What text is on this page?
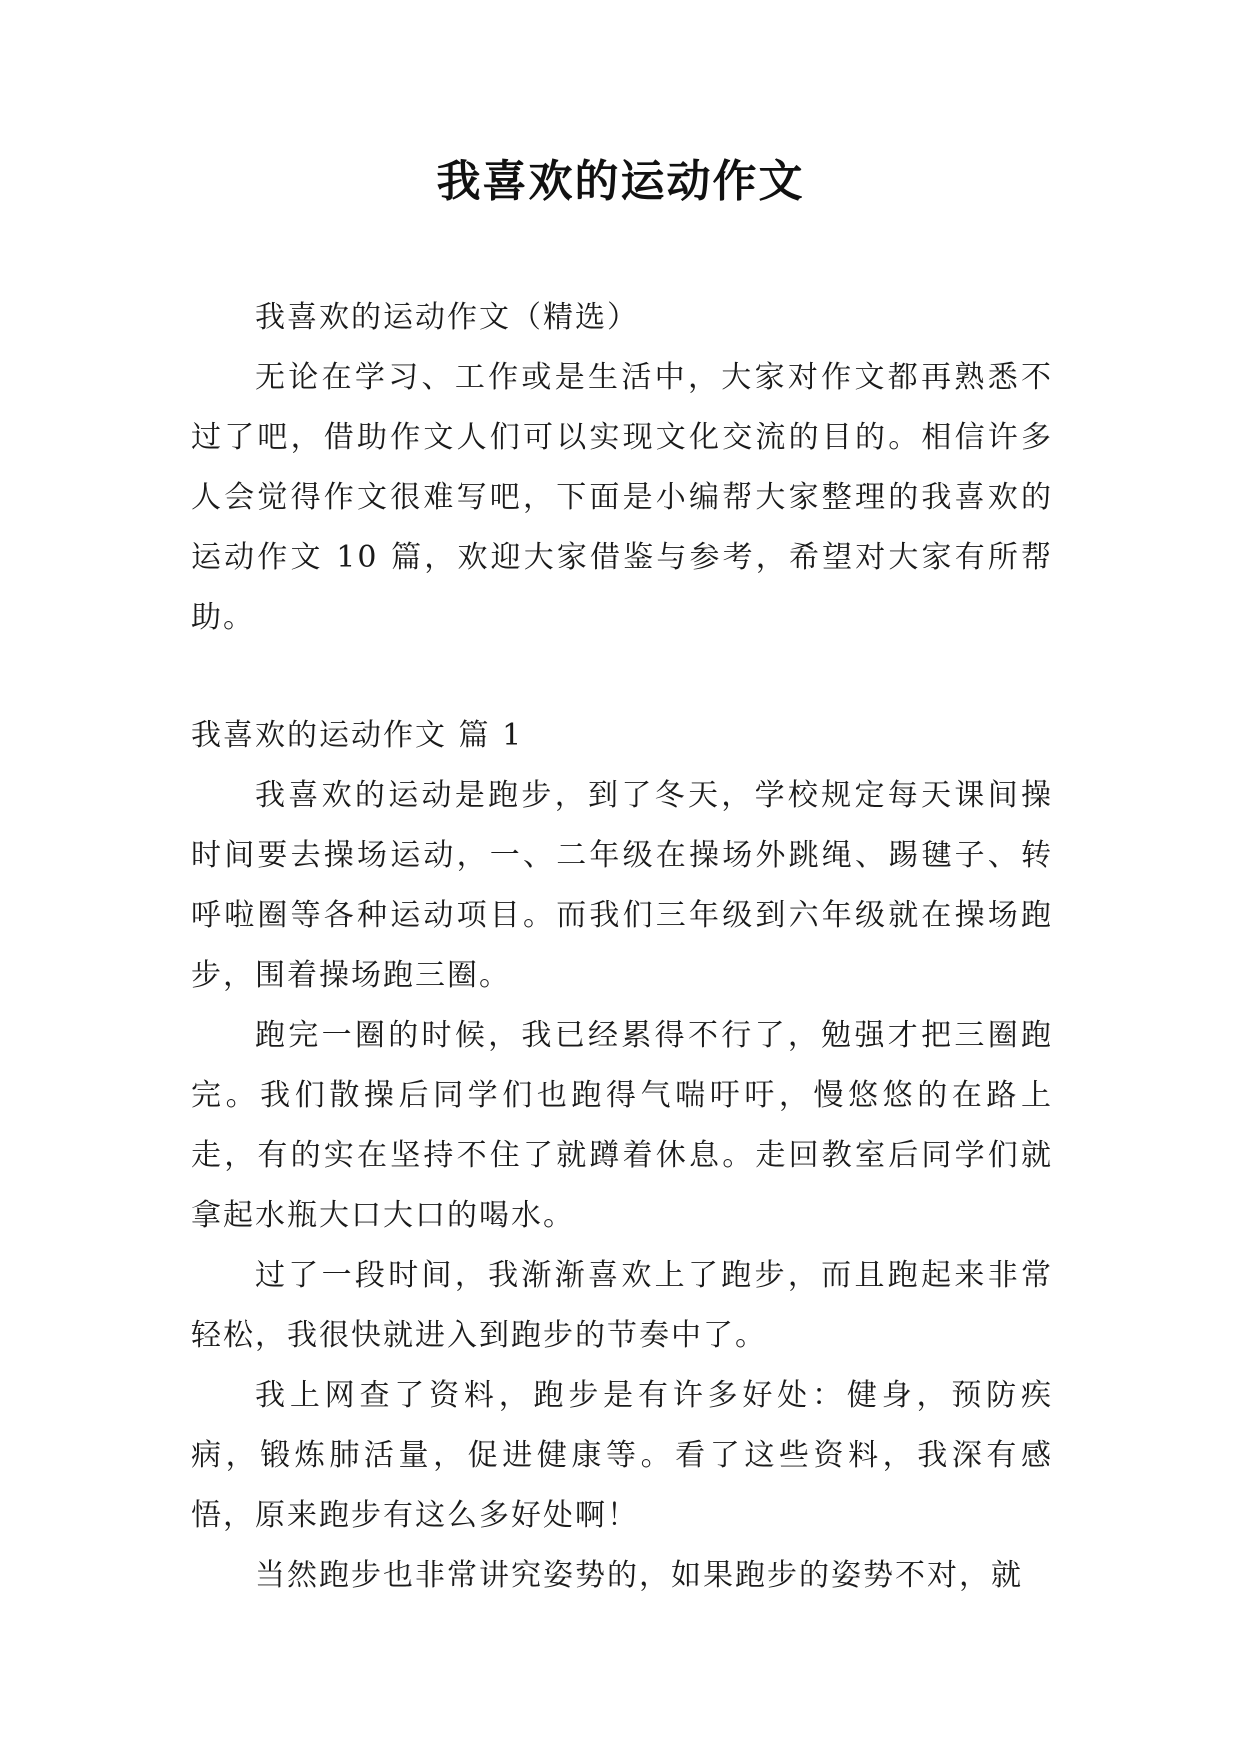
我喜欢的运动作文

我喜欢的运动作文（精选）

无论在学习、工作或是生活中，大家对作文都再熟悉不过了吧，借助作文人们可以实现文化交流的目的。相信许多人会觉得作文很难写吧，下面是小编帮大家整理的我喜欢的运动作文 10 篇，欢迎大家借鉴与参考，希望对大家有所帮助。

我喜欢的运动作文 篇 1

我喜欢的运动是跑步，到了冬天，学校规定每天课间操时间要去操场运动，一、二年级在操场外跳绳、踢毽子、转呼啦圈等各种运动项目。而我们三年级到六年级就在操场跑步，围着操场跑三圈。

跑完一圈的时候，我已经累得不行了，勉强才把三圈跑完。我们散操后同学们也跑得气喘吁吁，慢悠悠的在路上走，有的实在坚持不住了就蹲着休息。走回教室后同学们就拿起水瓶大口大口的喝水。

过了一段时间，我渐渐喜欢上了跑步，而且跑起来非常轻松，我很快就进入到跑步的节奏中了。

我上网查了资料，跑步是有许多好处：健身，预防疾病，锻炼肺活量，促进健康等。看了这些资料，我深有感悟，原来跑步有这么多好处啊！

当然跑步也非常讲究姿势的，如果跑步的姿势不对，就
